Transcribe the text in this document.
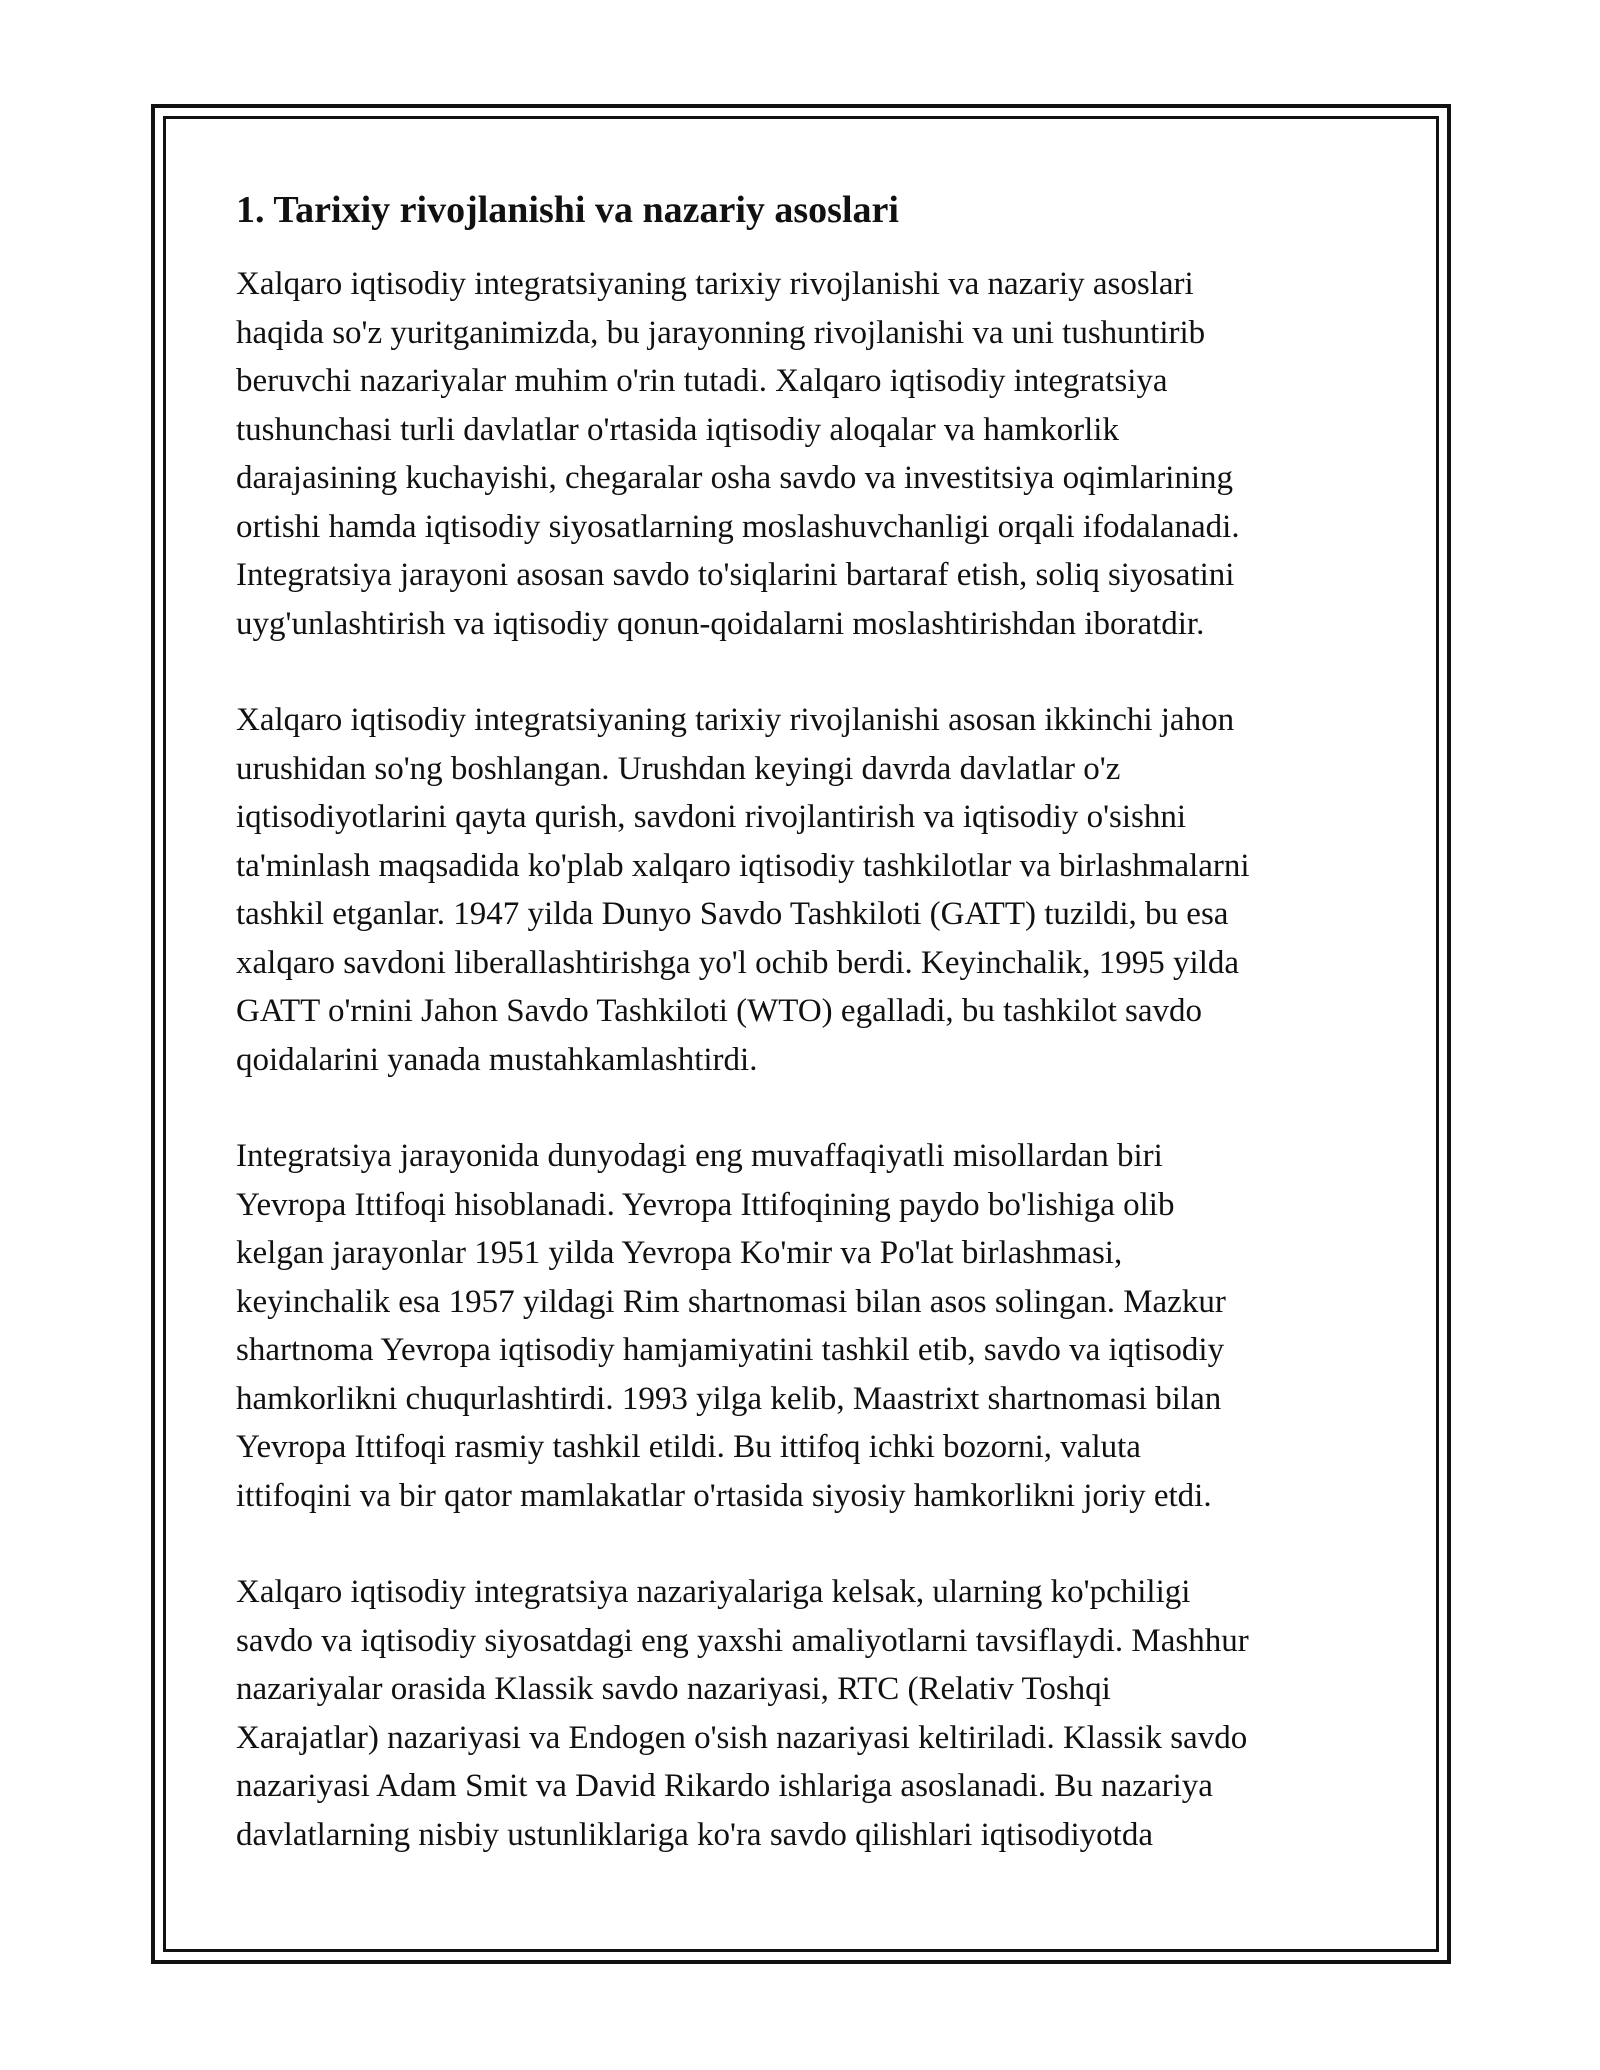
1. Tarixiy rivojlanishi va nazariy asoslari

Xalqaro iqtisodiy integratsiyaning tarixiy rivojlanishi va nazariy asoslari
haqida so'z yuritganimizda, bu jarayonning rivojlanishi va uni tushuntirib
beruvchi nazariyalar muhim o'rin tutadi. Xalqaro iqtisodiy integratsiya
tushunchasi turli davlatlar o'rtasida iqtisodiy aloqalar va hamkorlik
darajasining kuchayishi, chegaralar osha savdo va investitsiya oqimlarining
ortishi hamda iqtisodiy siyosatlarning moslashuvchanligi orqali ifodalanadi.
Integratsiya jarayoni asosan savdo to'siqlarini bartaraf etish, soliq siyosatini
uyg'unlashtirish va iqtisodiy qonun-qoidalarni moslashtirishdan iboratdir.

Xalqaro iqtisodiy integratsiyaning tarixiy rivojlanishi asosan ikkinchi jahon
urushidan so'ng boshlangan. Urushdan keyingi davrda davlatlar o'z
iqtisodiyotlarini qayta qurish, savdoni rivojlantirish va iqtisodiy o'sishni
ta'minlash maqsadida ko'plab xalqaro iqtisodiy tashkilotlar va birlashmalarni
tashkil etganlar. 1947 yilda Dunyo Savdo Tashkiloti (GATT) tuzildi, bu esa
xalqaro savdoni liberallashtirishga yo'l ochib berdi. Keyinchalik, 1995 yilda
GATT o'rnini Jahon Savdo Tashkiloti (WTO) egalladi, bu tashkilot savdo
qoidalarini yanada mustahkamlashtirdi.

Integratsiya jarayonida dunyodagi eng muvaffaqiyatli misollardan biri
Yevropa Ittifoqi hisoblanadi. Yevropa Ittifoqining paydo bo'lishiga olib
kelgan jarayonlar 1951 yilda Yevropa Ko'mir va Po'lat birlashmasi,
keyinchalik esa 1957 yildagi Rim shartnomasi bilan asos solingan. Mazkur
shartnoma Yevropa iqtisodiy hamjamiyatini tashkil etib, savdo va iqtisodiy
hamkorlikni chuqurlashtirdi. 1993 yilga kelib, Maastrixt shartnomasi bilan
Yevropa Ittifoqi rasmiy tashkil etildi. Bu ittifoq ichki bozorni, valuta
ittifoqini va bir qator mamlakatlar o'rtasida siyosiy hamkorlikni joriy etdi.

Xalqaro iqtisodiy integratsiya nazariyalariga kelsak, ularning ko'pchiligi
savdo va iqtisodiy siyosatdagi eng yaxshi amaliyotlarni tavsiflaydi. Mashhur
nazariyalar orasida Klassik savdo nazariyasi, RTC (Relativ Toshqi
Xarajatlar) nazariyasi va Endogen o'sish nazariyasi keltiriladi. Klassik savdo
nazariyasi Adam Smit va David Rikardo ishlariga asoslanadi. Bu nazariya
davlatlarning nisbiy ustunliklariga ko'ra savdo qilishlari iqtisodiyotda
